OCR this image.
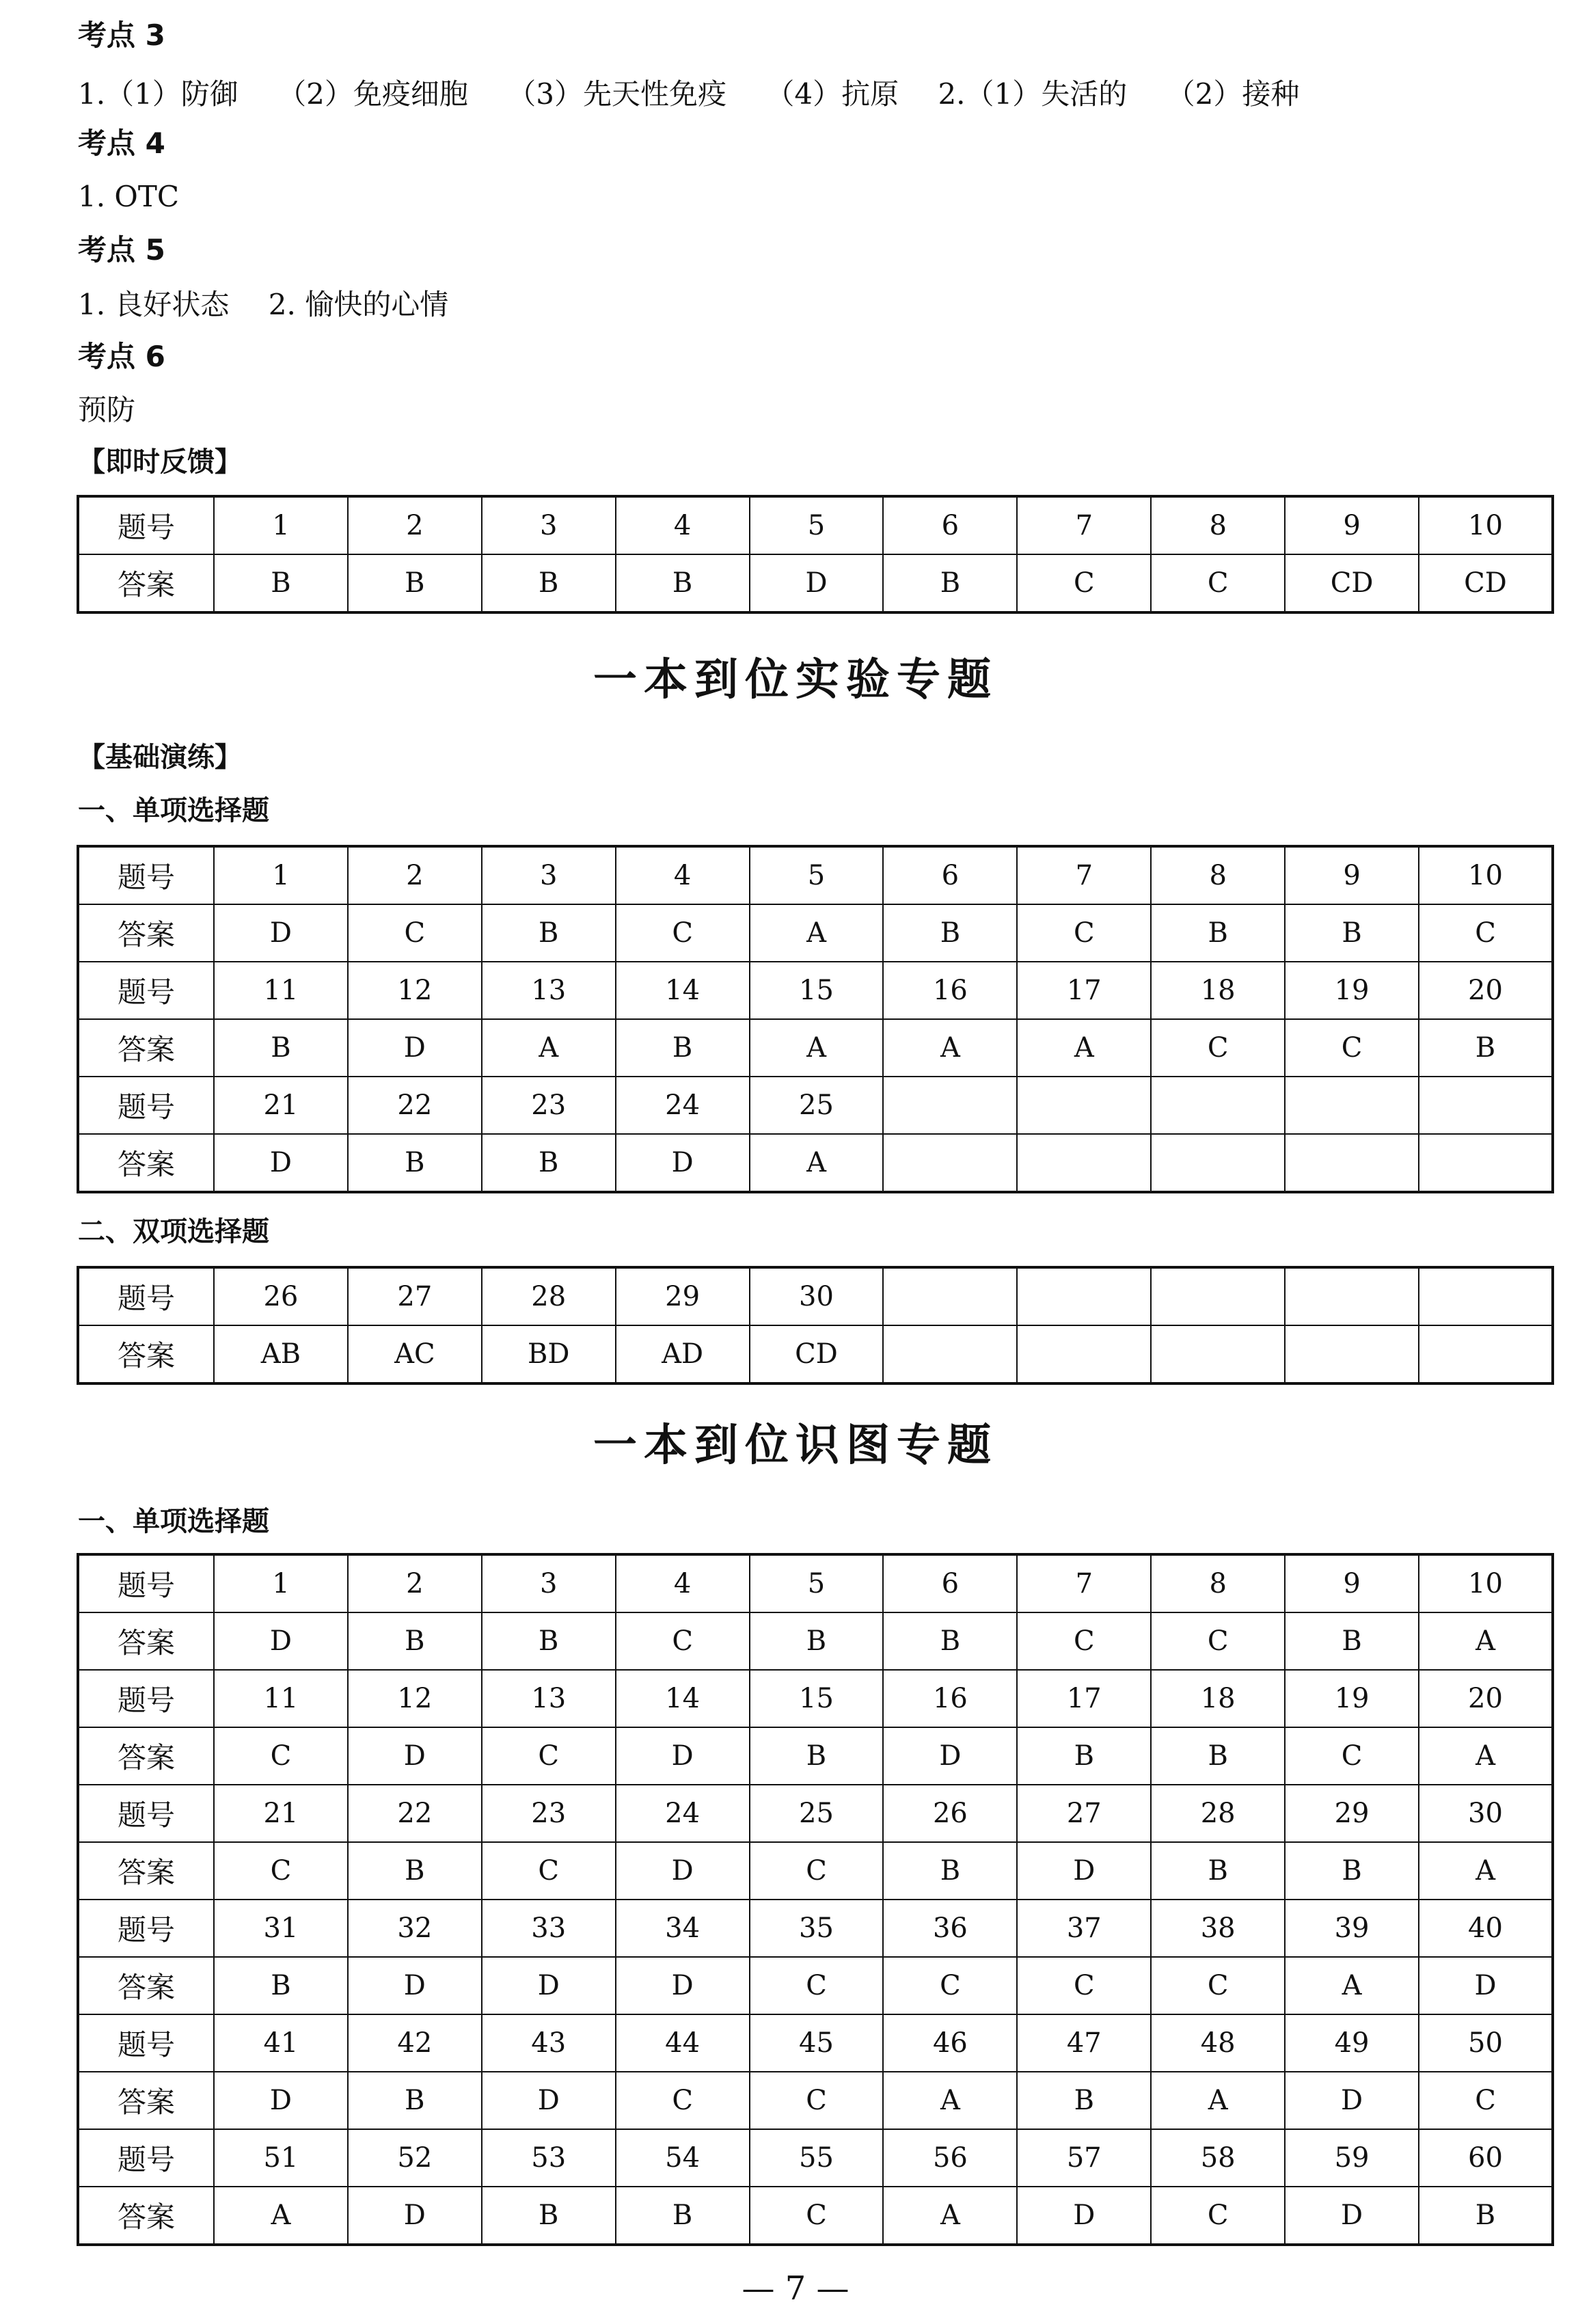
考点 3
1.（1）防御 （2）免疫细胞 （3）先天性免疫 （4）抗原 2.（1）失活的 （2）接种
考点 4
1. OTC
考点 5
1. 良好状态 2. 愉快的心情
考点 6
预防
【即时反馈】
题号	1	2	3	4	5	6	7	8	9	10
答案	B	B	B	B	D	B	C	C	CD	CD
一本到位实验专题
【基础演练】
一、单项选择题
题号	1	2	3	4	5	6	7	8	9	10
答案	D	C	B	C	A	B	C	B	B	C
题号	11	12	13	14	15	16	17	18	19	20
答案	B	D	A	B	A	A	A	C	C	B
题号	21	22	23	24	25					
答案	D	B	B	D	A					
二、双项选择题
题号	26	27	28	29	30					
答案	AB	AC	BD	AD	CD					
一本到位识图专题
一、单项选择题
题号	1	2	3	4	5	6	7	8	9	10
答案	D	B	B	C	B	B	C	C	B	A
题号	11	12	13	14	15	16	17	18	19	20
答案	C	D	C	D	B	D	B	B	C	A
题号	21	22	23	24	25	26	27	28	29	30
答案	C	B	C	D	C	B	D	B	B	A
题号	31	32	33	34	35	36	37	38	39	40
答案	B	D	D	D	C	C	C	C	A	D
题号	41	42	43	44	45	46	47	48	49	50
答案	D	B	D	C	C	A	B	A	D	C
题号	51	52	53	54	55	56	57	58	59	60
答案	A	D	B	B	C	A	D	C	D	B
— 7 —
